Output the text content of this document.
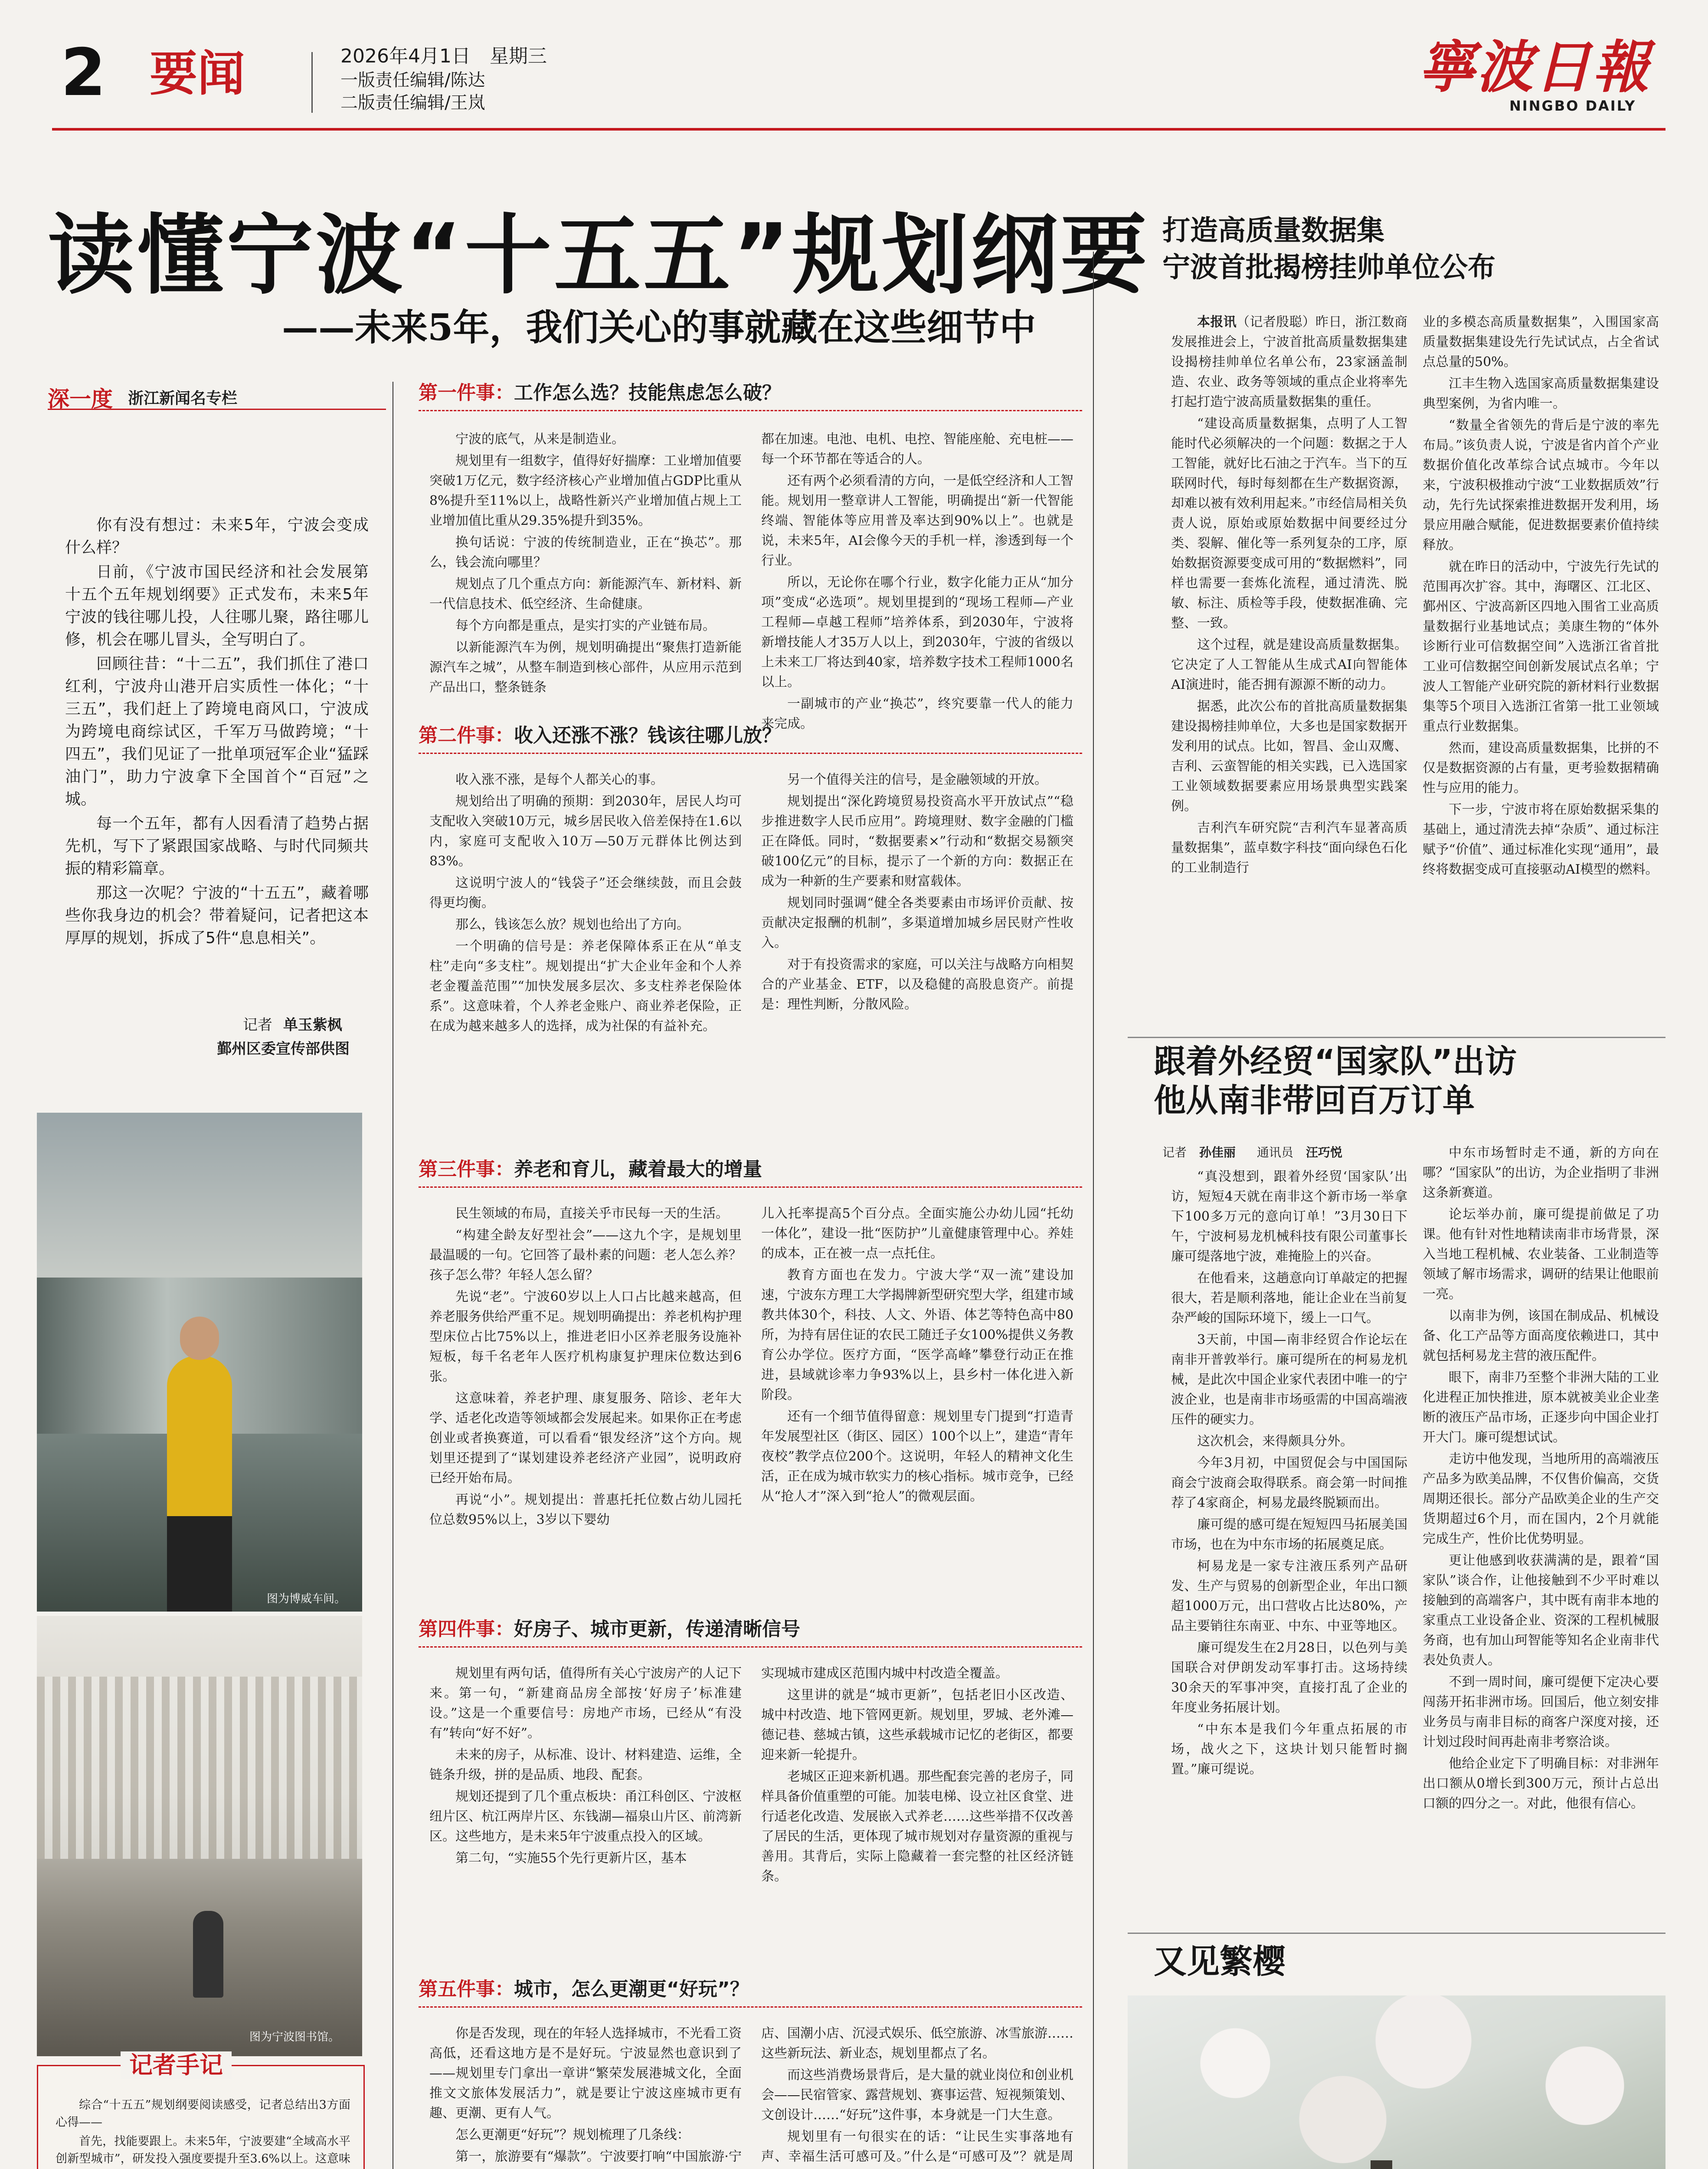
2 要闻	2026年4月1日　星期三
一版责任编辑/陈达
二版责任编辑/王岚
寧波日報
NINGBO DAILY
读懂宁波“十五五”规划纲要
——未来5年，我们关心的事就藏在这些细节中
深一度 浙江新闻名专栏

你有没有想过：未来5年，宁波会变成什么样？

日前，《宁波市国民经济和社会发展第十五个五年规划纲要》正式发布，未来5年宁波的钱往哪儿投，人往哪儿聚，路往哪儿修，机会在哪儿冒头，全写明白了。

回顾往昔：“十二五”，我们抓住了港口红利，宁波舟山港开启实质性一体化；“十三五”，我们赶上了跨境电商风口，宁波成为跨境电商综试区，千军万马做跨境；“十四五”，我们见证了一批单项冠军企业“猛踩油门”，助力宁波拿下全国首个“百冠”之城。

每一个五年，都有人因看清了趋势占据先机，写下了紧跟国家战略、与时代同频共振的精彩篇章。

那这一次呢？宁波的“十五五”，藏着哪些你我身边的机会？带着疑问，记者把这本厚厚的规划，拆成了5件“息息相关”。

记者 单玉紫枫
鄞州区委宣传部供图
图为博威车间。
图为宁波图书馆。
记者手记

综合“十五五”规划纲要阅读感受，记者总结出3方面心得——

首先，找能要跟上。未来5年，宁波要建“全域高水平创新型城市”，研发投入强度要提升至3.6%以上。这意味

第一件事：工作怎么选？技能焦虑怎么破？

宁波的底气，从来是制造业。

规划里有一组数字，值得好好揣摩：工业增加值要突破1万亿元，数字经济核心产业增加值占GDP比重从8%提升至11%以上，战略性新兴产业增加值占规上工业增加值比重从29.35%提升到35%。

换句话说：宁波的传统制造业，正在“换芯”。那么，钱会流向哪里？

规划点了几个重点方向：新能源汽车、新材料、新一代信息技术、低空经济、生命健康。

每个方向都是重点，是实打实的产业链布局。

以新能源汽车为例，规划明确提出“聚焦打造新能源汽车之城”，从整车制造到核心部件，从应用示范到产品出口，整条链条

都在加速。电池、电机、电控、智能座舱、充电桩——每一个环节都在等适合的人。

还有两个必须看清的方向，一是低空经济和人工智能。规划用一整章讲人工智能，明确提出“新一代智能终端、智能体等应用普及率达到90%以上”。也就是说，未来5年，AI会像今天的手机一样，渗透到每一个行业。

所以，无论你在哪个行业，数字化能力正从“加分项”变成“必选项”。规划里提到的“现场工程师—产业工程师—卓越工程师”培养体系，到2030年，宁波将新增技能人才35万人以上，到2030年，宁波的省级以上未来工厂将达到40家，培养数字技术工程师1000名以上。

一副城市的产业“换芯”，终究要靠一代人的能力来完成。

第二件事：收入还涨不涨？钱该往哪儿放？

收入涨不涨，是每个人都关心的事。

规划给出了明确的预期：到2030年，居民人均可支配收入突破10万元，城乡居民收入倍差保持在1.6以内，家庭可支配收入10万—50万元群体比例达到83%。

这说明宁波人的“钱袋子”还会继续鼓，而且会鼓得更均衡。

那么，钱该怎么放？规划也给出了方向。

一个明确的信号是：养老保障体系正在从“单支柱”走向“多支柱”。规划提出“扩大企业年金和个人养老金覆盖范围”“加快发展多层次、多支柱养老保险体系”。这意味着，个人养老金账户、商业养老保险，正在成为越来越多人的选择，成为社保的有益补充。

另一个值得关注的信号，是金融领域的开放。

规划提出“深化跨境贸易投资高水平开放试点”“稳步推进数字人民币应用”。跨境理财、数字金融的门槛正在降低。同时，“数据要素×”行动和“数据交易额突破100亿元”的目标，提示了一个新的方向：数据正在成为一种新的生产要素和财富载体。

规划同时强调“健全各类要素由市场评价贡献、按贡献决定报酬的机制”，多渠道增加城乡居民财产性收入。

对于有投资需求的家庭，可以关注与战略方向相契合的产业基金、ETF，以及稳健的高股息资产。前提是：理性判断，分散风险。

第三件事：养老和育儿，藏着最大的增量

民生领域的布局，直接关乎市民每一天的生活。

“构建全龄友好型社会”——这九个字，是规划里最温暖的一句。它回答了最朴素的问题：老人怎么养？孩子怎么带？年轻人怎么留？

先说“老”。宁波60岁以上人口占比越来越高，但养老服务供给严重不足。规划明确提出：养老机构护理型床位占比75%以上，推进老旧小区养老服务设施补短板，每千名老年人医疗机构康复护理床位数达到6张。

这意味着，养老护理、康复服务、陪诊、老年大学、适老化改造等领域都会发展起来。如果你正在考虑创业或者换赛道，可以看看“银发经济”这个方向。规划里还提到了“谋划建设养老经济产业园”，说明政府已经开始布局。

再说“小”。规划提出：普惠托托位数占幼儿园托位总数95%以上，3岁以下婴幼

儿入托率提高5个百分点。全面实施公办幼儿园“托幼一体化”，建设一批“医防护”儿童健康管理中心。养娃的成本，正在被一点一点托住。

教育方面也在发力。宁波大学“双一流”建设加速，宁波东方理工大学揭牌新型研究型大学，组建市域教共体30个，科技、人文、外语、体艺等特色高中80所，为持有居住证的农民工随迁子女100%提供义务教育公办学位。医疗方面，“医学高峰”攀登行动正在推进，县域就诊率力争93%以上，县乡村一体化进入新阶段。

还有一个细节值得留意：规划里专门提到“打造青年发展型社区（街区、园区）100个以上”，建造“青年夜校”教学点位200个。这说明，年轻人的精神文化生活，正在成为城市软实力的核心指标。城市竞争，已经从“抢人才”深入到“抢人”的微观层面。

第四件事：好房子、城市更新，传递清晰信号

规划里有两句话，值得所有关心宁波房产的人记下来。第一句，“新建商品房全部按‘好房子’标准建设。”这是一个重要信号：房地产市场，已经从“有没有”转向“好不好”。

未来的房子，从标准、设计、材料建造、运维，全链条升级，拼的是品质、地段、配套。

规划还提到了几个重点板块：甬江科创区、宁波枢纽片区、杭江两岸片区、东钱湖—福泉山片区、前湾新区。这些地方，是未来5年宁波重点投入的区域。

第二句，“实施55个先行更新片区，基本

实现城市建成区范围内城中村改造全覆盖。

这里讲的就是“城市更新”，包括老旧小区改造、城中村改造、地下管网更新。规划里，罗城、老外滩—德记巷、慈城古镇，这些承载城市记忆的老街区，都要迎来新一轮提升。

老城区正迎来新机遇。那些配套完善的老房子，同样具备价值重塑的可能。加装电梯、设立社区食堂、进行适老化改造、发展嵌入式养老……这些举措不仅改善了居民的生活，更体现了城市规划对存量资源的重视与善用。其背后，实际上隐藏着一套完整的社区经济链条。

第五件事：城市，怎么更潮更“好玩”？

你是否发现，现在的年轻人选择城市，不光看工资高低，还看这地方是不是好玩。宁波显然也意识到了——规划里专门拿出一章讲“繁荣发展港城文化，全面推文文旅体发展活力”，就是要让宁波这座城市更有趣、更潮、更有人气。

怎么更潮更“好玩”？规划梳理了几条线：

第一，旅游要有“爆款”。宁波要打响“中国旅游·宁

店、国潮小店、沉浸式娱乐、低空旅游、冰雪旅游……这些新玩法、新业态，规划里都点了名。

而这些消费场景背后，是大量的就业岗位和创业机会——民宿管家、露营规划、赛事运营、短视频策划、文创设计……“好玩”这件事，本身就是一门大生意。

规划里有一句很实在的话：“让民生实事落地有声、幸福生活可感可及。”什么是“可感可及”？就是周

打造高质量数据集
宁波首批揭榜挂帅单位公布

本报讯（记者殷聪）昨日，浙江数商发展推进会上，宁波首批高质量数据集建设揭榜挂帅单位名单公布，23家涵盖制造、农业、政务等领域的重点企业将率先打起打造宁波高质量数据集的重任。

“建设高质量数据集，点明了人工智能时代必须解决的一个问题：数据之于人工智能，就好比石油之于汽车。当下的互联网时代，每时每刻都在生产数据资源，却难以被有效利用起来。”市经信局相关负责人说，原始或原始数据中间要经过分类、裂解、催化等一系列复杂的工序，原始数据资源要变成可用的“数据燃料”，同样也需要一套炼化流程，通过清洗、脱敏、标注、质检等手段，使数据准确、完整、一致。

这个过程，就是建设高质量数据集。它决定了人工智能从生成式AI向智能体AI演进时，能否拥有源源不断的动力。

据悉，此次公布的首批高质量数据集建设揭榜挂帅单位，大多也是国家数据开发利用的试点。比如，智昌、金山双鹰、吉利、云蛮智能的相关实践，已入选国家工业领域数据要素应用场景典型实践案例。

吉利汽车研究院“吉利汽车显著高质量数据集”，蓝卓数字科技“面向绿色石化的工业制造行

业的多模态高质量数据集”，入围国家高质量数据集建设先行先试试点，占全省试点总量的50%。

江丰生物入选国家高质量数据集建设典型案例，为省内唯一。

“数量全省领先的背后是宁波的率先布局。”该负责人说，宁波是省内首个产业数据价值化改革综合试点城市。今年以来，宁波积极推动宁波“工业数据质效”行动，先行先试探索推进数据开发利用，场景应用融合赋能，促进数据要素价值持续释放。

就在昨日的活动中，宁波先行先试的范围再次扩容。其中，海曙区、江北区、鄞州区、宁波高新区四地入围省工业高质量数据行业基地试点；美康生物的“体外诊断行业可信数据空间”入选浙江省首批工业可信数据空间创新发展试点名单；宁波人工智能产业研究院的新材料行业数据集等5个项目入选浙江省第一批工业领域重点行业数据集。

然而，建设高质量数据集，比拼的不仅是数据资源的占有量，更考验数据精确性与应用的能力。

下一步，宁波市将在原始数据采集的基础上，通过清洗去掉“杂质”、通过标注赋予“价值”、通过标准化实现“通用”，最终将数据变成可直接驱动AI模型的燃料。

跟着外经贸“国家队”出访
他从南非带回百万订单
记者 孙佳丽 通讯员 汪巧悦

“真没想到，跟着外经贸‘国家队’出访，短短4天就在南非这个新市场一举拿下100多万元的意向订单！”3月30日下午，宁波柯易龙机械科技有限公司董事长廉可缇落地宁波，难掩脸上的兴奋。

在他看来，这趟意向订单敲定的把握很大，若是顺利落地，能让企业在当前复杂严峻的国际环境下，缓上一口气。

3天前，中国—南非经贸合作论坛在南非开普敦举行。廉可缇所在的柯易龙机械，是此次中国企业家代表团中唯一的宁波企业，也是南非市场亟需的中国高端液压件的硬实力。

这次机会，来得颇具分外。

今年3月初，中国贸促会与中国国际商会宁波商会取得联系。商会第一时间推荐了4家商企，柯易龙最终脱颖而出。

廉可缇的感可缇在短短四马拓展美国市场，也在为中东市场的拓展奠足底。

柯易龙是一家专注液压系列产品研发、生产与贸易的创新型企业，年出口额超1000万元，出口营收占比达80%，产品主要销往东南亚、中东、中亚等地区。

廉可缇发生在2月28日，以色列与美国联合对伊朗发动军事打击。这场持续30余天的军事冲突，直接打乱了企业的年度业务拓展计划。

“中东本是我们今年重点拓展的市场，战火之下，这块计划只能暂时搁置。”廉可缇说。

中东市场暂时走不通，新的方向在哪？“国家队”的出访，为企业指明了非洲这条新赛道。

论坛举办前，廉可缇提前做足了功课。他有针对性地精读南非市场背景，深入当地工程机械、农业装备、工业制造等领域了解市场需求，调研的结果让他眼前一亮。

以南非为例，该国在制成品、机械设备、化工产品等方面高度依赖进口，其中就包括柯易龙主营的液压配件。

眼下，南非乃至整个非洲大陆的工业化进程正加快推进，原本就被美业企业垄断的液压产品市场，正逐步向中国企业打开大门。廉可缇想试试。

走访中他发现，当地所用的高端液压产品多为欧美品牌，不仅售价偏高，交货周期还很长。部分产品欧美企业的生产交货期超过6个月，而在国内，2个月就能完成生产，性价比优势明显。

更让他感到收获满满的是，跟着“国家队”谈合作，让他接触到不少平时难以接触到的高端客户，其中既有南非本地的家重点工业设备企业、资深的工程机械服务商，也有加山珂智能等知名企业南非代表处负责人。

不到一周时间，廉可缇便下定决心要闯荡开拓非洲市场。回国后，他立刻安排业务员与南非目标的商客户深度对接，还计划过段时间再赴南非考察洽谈。

他给企业定下了明确目标：对非洲年出口额从0增长到300万元，预计占总出口额的四分之一。对此，他很有信心。

又见繁樱
